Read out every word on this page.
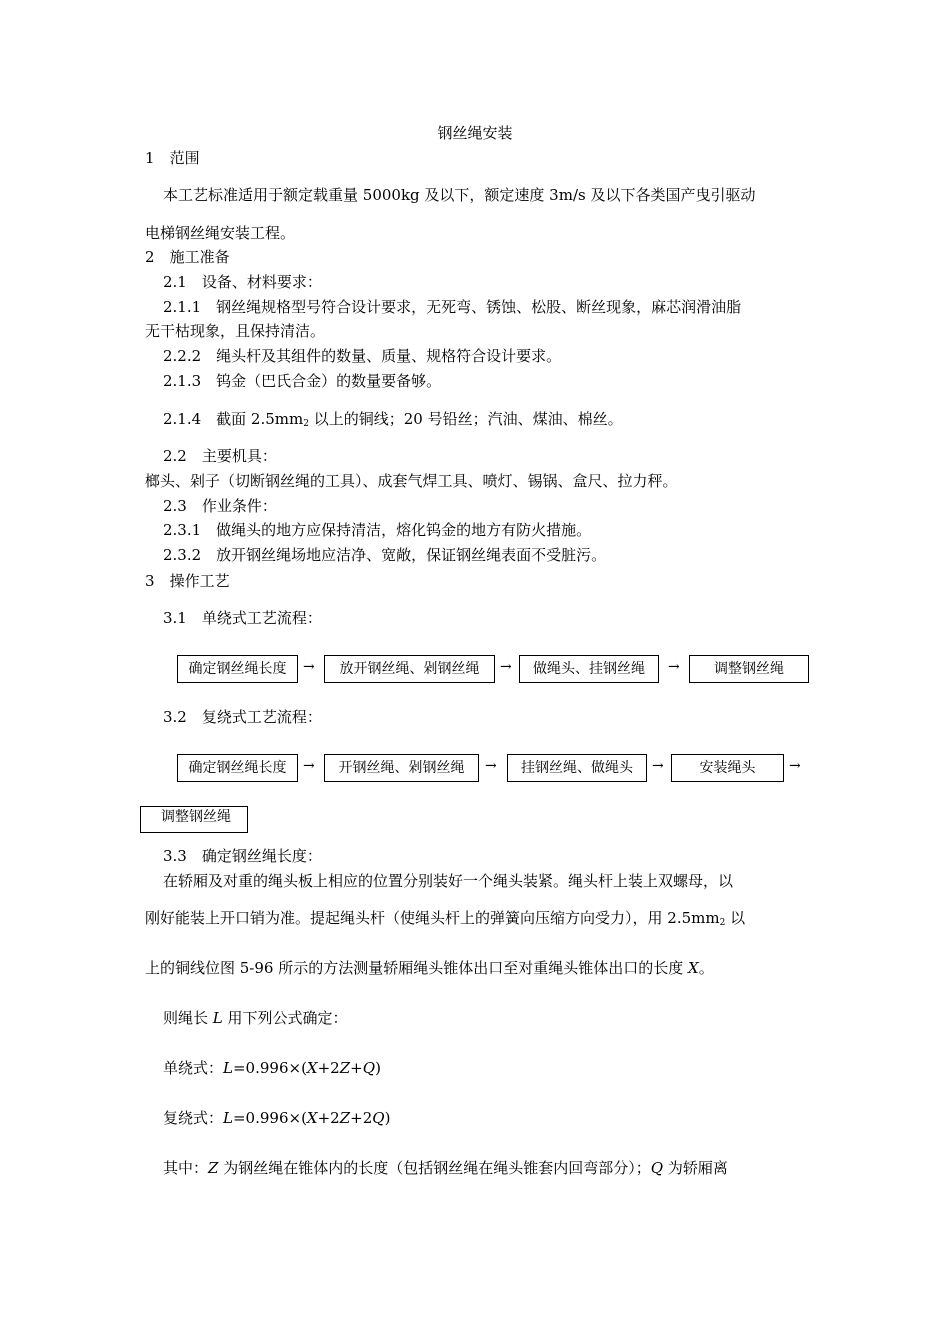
钢丝绳安装
1　 范围
本工艺标准适用于额定载重量 5000kg 及以下，额定速度 3m/s 及以下各类国产曳引驱动
电梯钢丝绳安装工程。
2　 施工准备
2.1　设备、材料要求：
2.1.1　钢丝绳规格型号符合设计要求，无死弯、锈蚀、松股、断丝现象，麻芯润滑油脂
无干枯现象，且保持清洁。
2.2.2　绳头杆及其组件的数量、质量、规格符合设计要求。
2.1.3　钨金（巴氏合金）的数量要备够。
2.1.4　截面 $2.5mm_2$ 以上的铜线；20 号铅丝；汽油、煤油、棉丝。
2.2　主要机具：
榔头、剁子（切断钢丝绳的工具）、成套气焊工具、喷灯、锡锅、盒尺、拉力秤。
2.3　作业条件：
2.3.1　做绳头的地方应保持清洁，熔化钨金的地方有防火措施。
2.3.2　放开钢丝绳场地应洁净、宽敞，保证钢丝绳表面不受脏污。
3　 操作工艺
3.1　单绕式工艺流程：
确定钢丝绳长度	→	放开钢丝绳、剁钢丝绳	→	做绳头、挂钢丝绳	→	调整钢丝绳
3.2　复绕式工艺流程：
确定钢丝绳长度	→	开钢丝绳、剁钢丝绳	→	挂钢丝绳、做绳头	→	安装绳头	→
调整钢丝绳
3.3　确定钢丝绳长度：
在轿厢及对重的绳头板上相应的位置分别装好一个绳头装紧。绳头杆上装上双螺母，以
刚好能装上开口销为准。提起绳头杆（使绳头杆上的弹簧向压缩方向受力），用 $2.5mm_2$ 以
上的铜线位图 5-96 所示的方法测量轿厢绳头锥体出口至对重绳头锥体出口的长度 X。
则绳长 L 用下列公式确定：
单绕式：L=0.996×(X+2Z+Q)
复绕式：L=0.996×(X+2Z+2Q)
其中：Z 为钢丝绳在锥体内的长度（包括钢丝绳在绳头锥套内回弯部分）；Q 为轿厢离
